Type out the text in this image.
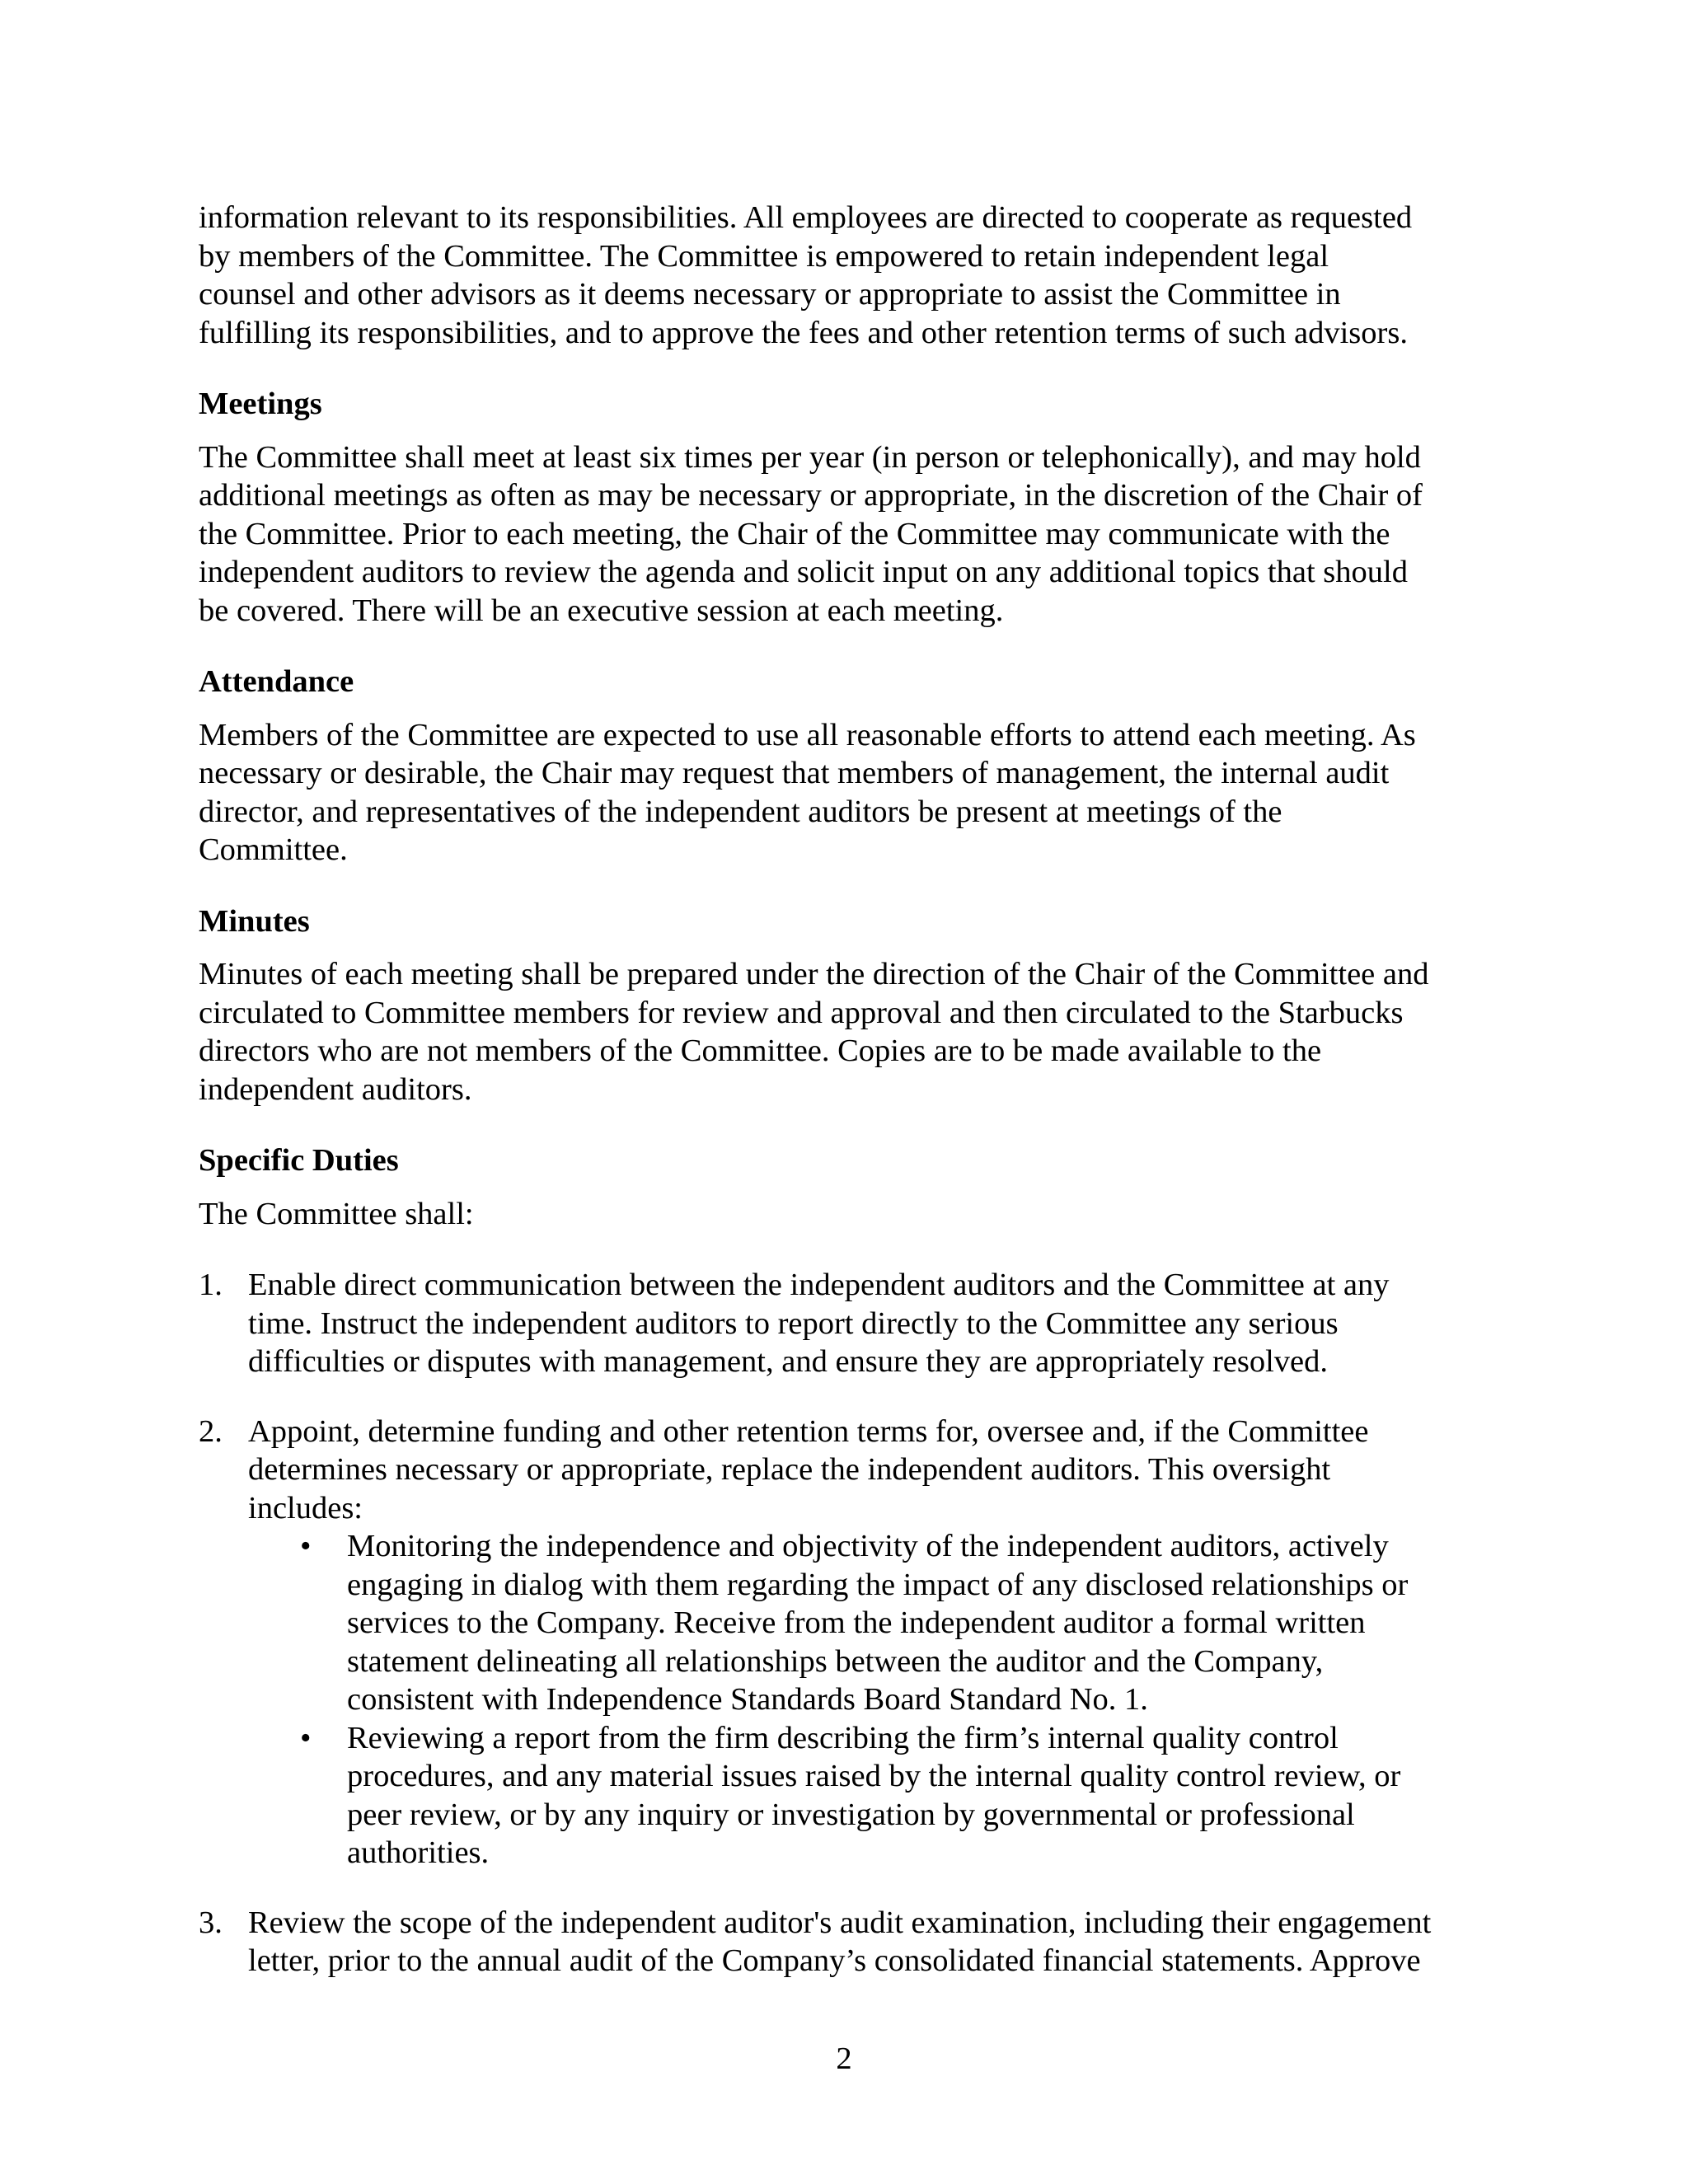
information relevant to its responsibilities. All employees are directed to cooperate as requested

by members of the Committee. The Committee is empowered to retain independent legal

counsel and other advisors as it deems necessary or appropriate to assist the Committee in

fulfilling its responsibilities, and to approve the fees and other retention terms of such advisors.

Meetings

The Committee shall meet at least six times per year (in person or telephonically), and may hold

additional meetings as often as may be necessary or appropriate, in the discretion of the Chair of

the Committee. Prior to each meeting, the Chair of the Committee may communicate with the

independent auditors to review the agenda and solicit input on any additional topics that should

be covered. There will be an executive session at each meeting.

Attendance

Members of the Committee are expected to use all reasonable efforts to attend each meeting. As

necessary or desirable, the Chair may request that members of management, the internal audit

director, and representatives of the independent auditors be present at meetings of the

Committee.

Minutes

Minutes of each meeting shall be prepared under the direction of the Chair of the Committee and

circulated to Committee members for review and approval and then circulated to the Starbucks

directors who are not members of the Committee. Copies are to be made available to the

independent auditors.

Specific Duties

The Committee shall:

1. Enable direct communication between the independent auditors and the Committee at any

time. Instruct the independent auditors to report directly to the Committee any serious

difficulties or disputes with management, and ensure they are appropriately resolved.

2. Appoint, determine funding and other retention terms for, oversee and, if the Committee

determines necessary or appropriate, replace the independent auditors. This oversight

includes:

• Monitoring the independence and objectivity of the independent auditors, actively

engaging in dialog with them regarding the impact of any disclosed relationships or

services to the Company. Receive from the independent auditor a formal written

statement delineating all relationships between the auditor and the Company,

consistent with Independence Standards Board Standard No. 1.

• Reviewing a report from the firm describing the firm’s internal quality control

procedures, and any material issues raised by the internal quality control review, or

peer review, or by any inquiry or investigation by governmental or professional

authorities.

3. Review the scope of the independent auditor's audit examination, including their engagement

letter, prior to the annual audit of the Company’s consolidated financial statements. Approve

2
